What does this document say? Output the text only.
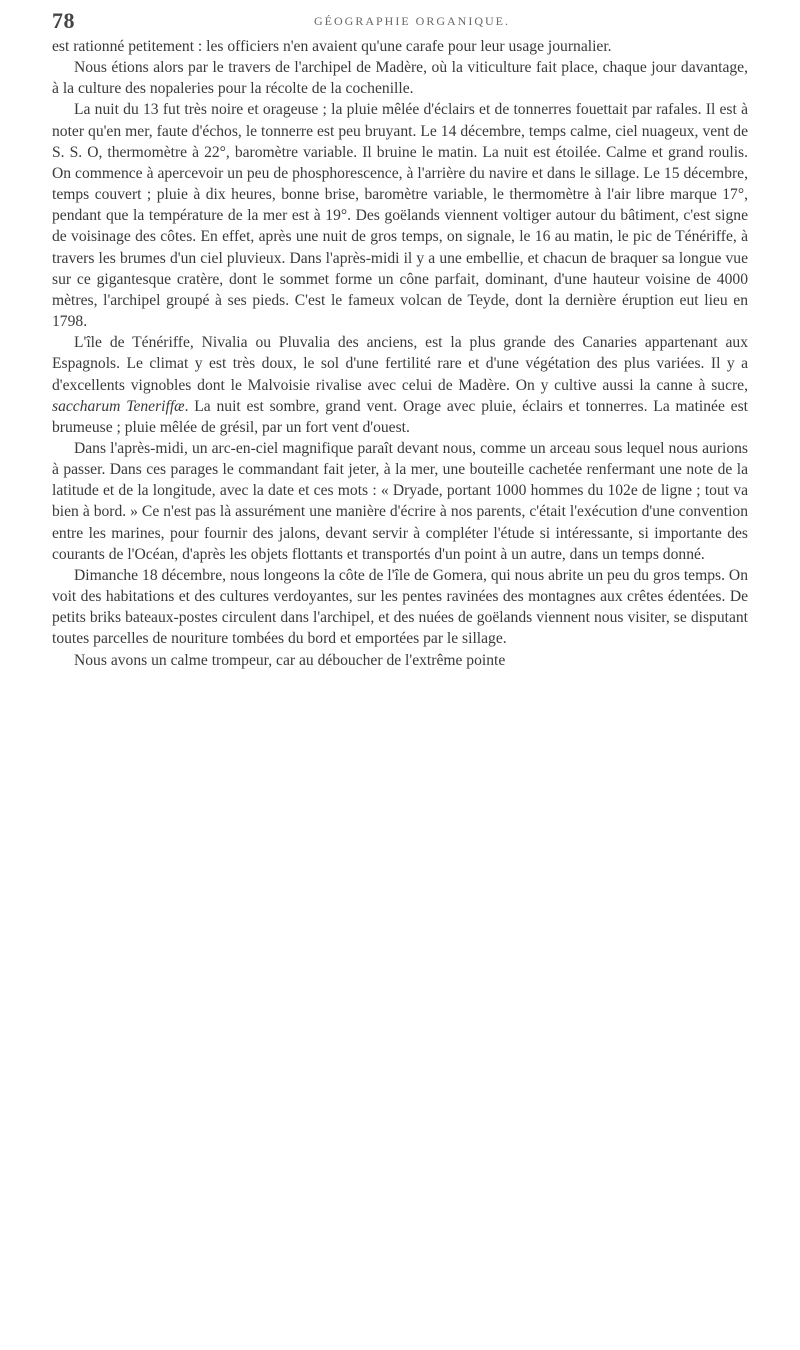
78	GÉOGRAPHIE ORGANIQUE.

est rationné petitement : les officiers n'en avaient qu'une carafe pour leur usage journalier.

Nous étions alors par le travers de l'archipel de Madère, où la viticulture fait place, chaque jour davantage, à la culture des nopaleries pour la récolte de la cochenille.

La nuit du 13 fut très noire et orageuse ; la pluie mêlée d'éclairs et de tonnerres fouettait par rafales. Il est à noter qu'en mer, faute d'échos, le tonnerre est peu bruyant. Le 14 décembre, temps calme, ciel nuageux, vent de S. S. O, thermomètre à 22°, baromètre variable. Il bruine le matin. La nuit est étoilée. Calme et grand roulis. On commence à apercevoir un peu de phosphorescence, à l'arrière du navire et dans le sillage. Le 15 décembre, temps couvert ; pluie à dix heures, bonne brise, baromètre variable, le thermomètre à l'air libre marque 17°, pendant que la température de la mer est à 19°. Des goëlands viennent voltiger autour du bâtiment, c'est signe de voisinage des côtes. En effet, après une nuit de gros temps, on signale, le 16 au matin, le pic de Ténériffe, à travers les brumes d'un ciel pluvieux. Dans l'après-midi il y a une embellie, et chacun de braquer sa longue vue sur ce gigantesque cratère, dont le sommet forme un cône parfait, dominant, d'une hauteur voisine de 4000 mètres, l'archipel groupé à ses pieds. C'est le fameux volcan de Teyde, dont la dernière éruption eut lieu en 1798.

L'île de Ténériffe, Nivalia ou Pluvalia des anciens, est la plus grande des Canaries appartenant aux Espagnols. Le climat y est très doux, le sol d'une fertilité rare et d'une végétation des plus variées. Il y a d'excellents vignobles dont le Malvoisie rivalise avec celui de Madère. On y cultive aussi la canne à sucre, saccharum Teneriffæ. La nuit est sombre, grand vent. Orage avec pluie, éclairs et tonnerres. La matinée est brumeuse ; pluie mêlée de grésil, par un fort vent d'ouest.

Dans l'après-midi, un arc-en-ciel magnifique paraît devant nous, comme un arceau sous lequel nous aurions à passer. Dans ces parages le commandant fait jeter, à la mer, une bouteille cachetée renfermant une note de la latitude et de la longitude, avec la date et ces mots : « Dryade, portant 1000 hommes du 102e de ligne ; tout va bien à bord. » Ce n'est pas là assurément une manière d'écrire à nos parents, c'était l'exécution d'une convention entre les marines, pour fournir des jalons, devant servir à compléter l'étude si intéressante, si importante des courants de l'Océan, d'après les objets flottants et transportés d'un point à un autre, dans un temps donné.

Dimanche 18 décembre, nous longeons la côte de l'île de Gomera, qui nous abrite un peu du gros temps. On voit des habitations et des cultures verdoyantes, sur les pentes ravinées des montagnes aux crêtes édentées. De petits briks bateaux-postes circulent dans l'archipel, et des nuées de goëlands viennent nous visiter, se disputant toutes parcelles de nouriture tombées du bord et emportées par le sillage.

Nous avons un calme trompeur, car au déboucher de l'extrême pointe
